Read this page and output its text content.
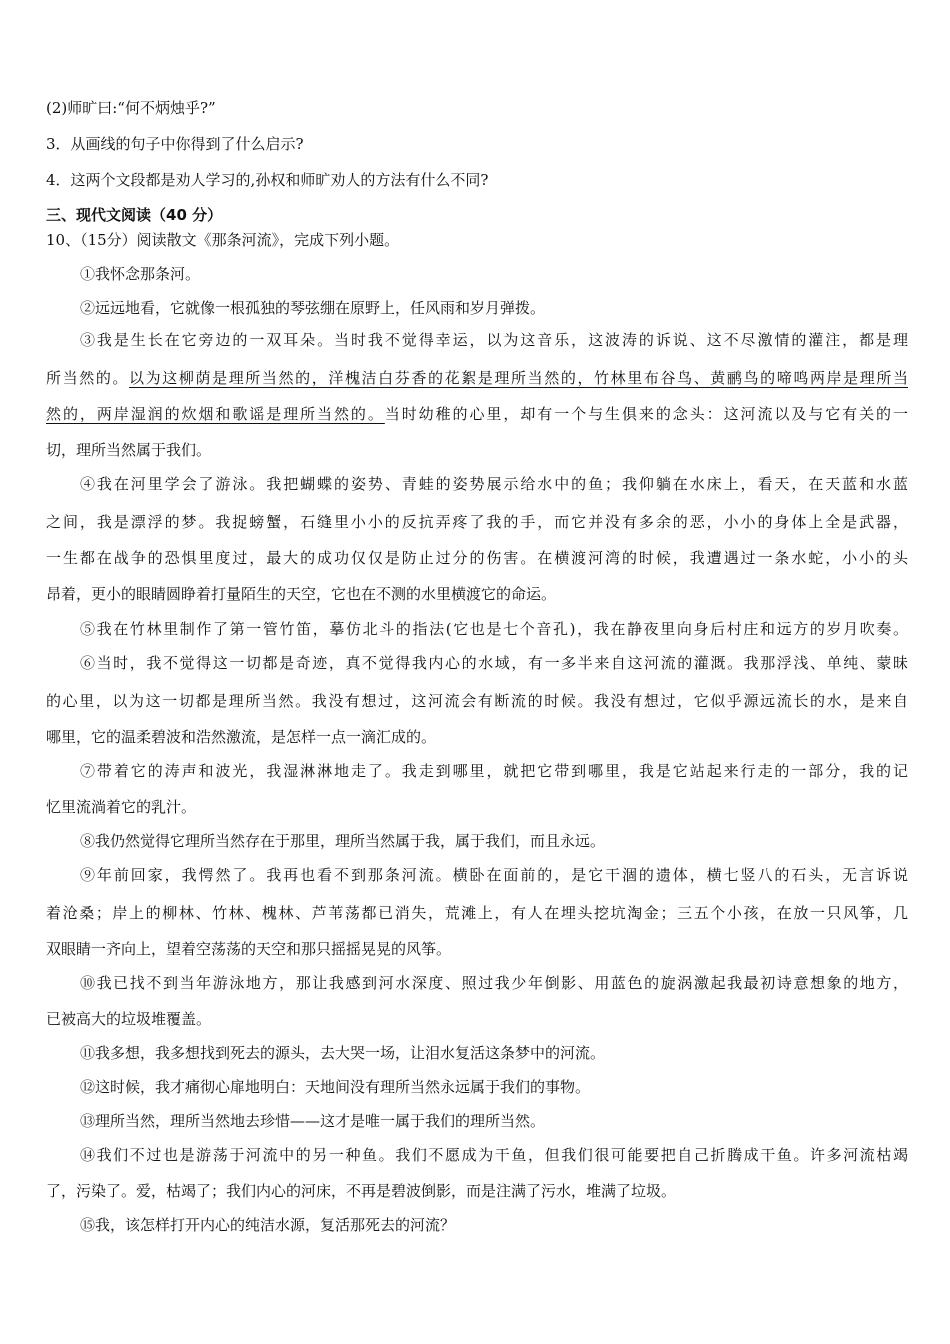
(2)师旷曰:“何不炳烛乎?”
3．从画线的句子中你得到了什么启示?
4．这两个文段都是劝人学习的,孙权和师旷劝人的方法有什么不同?
三、现代文阅读（40 分）
10、（15分）阅读散文《那条河流》，完成下列小题。
①我怀念那条河。
②远远地看，它就像一根孤独的琴弦绷在原野上，任风雨和岁月弹拨。
③我是生长在它旁边的一双耳朵。当时我不觉得幸运，以为这音乐，这波涛的诉说、这不尽激情的灌注，都是理
所当然的。以为这柳荫是理所当然的，洋槐洁白芬香的花絮是理所当然的，竹林里布谷鸟、黄鹂鸟的啼鸣两岸是理所当
然的，两岸湿润的炊烟和歌谣是理所当然的。当时幼稚的心里，却有一个与生俱来的念头：这河流以及与它有关的一
切，理所当然属于我们。
④我在河里学会了游泳。我把蝴蝶的姿势、青蛙的姿势展示给水中的鱼；我仰躺在水床上，看天，在天蓝和水蓝
之间，我是漂浮的梦。我捉螃蟹，石缝里小小的反抗弄疼了我的手，而它并没有多余的恶，小小的身体上全是武器，
一生都在战争的恐惧里度过，最大的成功仅仅是防止过分的伤害。在横渡河湾的时候，我遭遇过一条水蛇，小小的头
昂着，更小的眼睛圆睁着打量陌生的天空，它也在不测的水里横渡它的命运。
⑤我在竹林里制作了第一管竹笛，摹仿北斗的指法(它也是七个音孔)，我在静夜里向身后村庄和远方的岁月吹奏。
⑥当时，我不觉得这一切都是奇迹，真不觉得我内心的水域，有一多半来自这河流的灌溉。我那浮浅、单纯、蒙昧
的心里，以为这一切都是理所当然。我没有想过，这河流会有断流的时候。我没有想过，它似乎源远流长的水，是来自
哪里，它的温柔碧波和浩然激流，是怎样一点一滴汇成的。
⑦带着它的涛声和波光，我湿淋淋地走了。我走到哪里，就把它带到哪里，我是它站起来行走的一部分，我的记
忆里流淌着它的乳汁。
⑧我仍然觉得它理所当然存在于那里，理所当然属于我，属于我们，而且永远。
⑨年前回家，我愕然了。我再也看不到那条河流。横卧在面前的，是它干涸的遗体，横七竖八的石头，无言诉说
着沧桑；岸上的柳林、竹林、槐林、芦苇荡都已消失，荒滩上，有人在埋头挖坑淘金；三五个小孩，在放一只风筝，几
双眼睛一齐向上，望着空荡荡的天空和那只摇摇晃晃的风筝。
⑩我已找不到当年游泳地方，那让我感到河水深度、照过我少年倒影、用蓝色的旋涡激起我最初诗意想象的地方，
已被高大的垃圾堆覆盖。
⑪我多想，我多想找到死去的源头，去大哭一场，让泪水复活这条梦中的河流。
⑫这时候，我才痛彻心扉地明白：天地间没有理所当然永远属于我们的事物。
⑬理所当然，理所当然地去珍惜——这才是唯一属于我们的理所当然。
⑭我们不过也是游荡于河流中的另一种鱼。我们不愿成为干鱼，但我们很可能要把自己折腾成干鱼。许多河流枯竭
了，污染了。爱，枯竭了；我们内心的河床，不再是碧波倒影，而是注满了污水，堆满了垃圾。
⑮我，该怎样打开内心的纯洁水源，复活那死去的河流？
